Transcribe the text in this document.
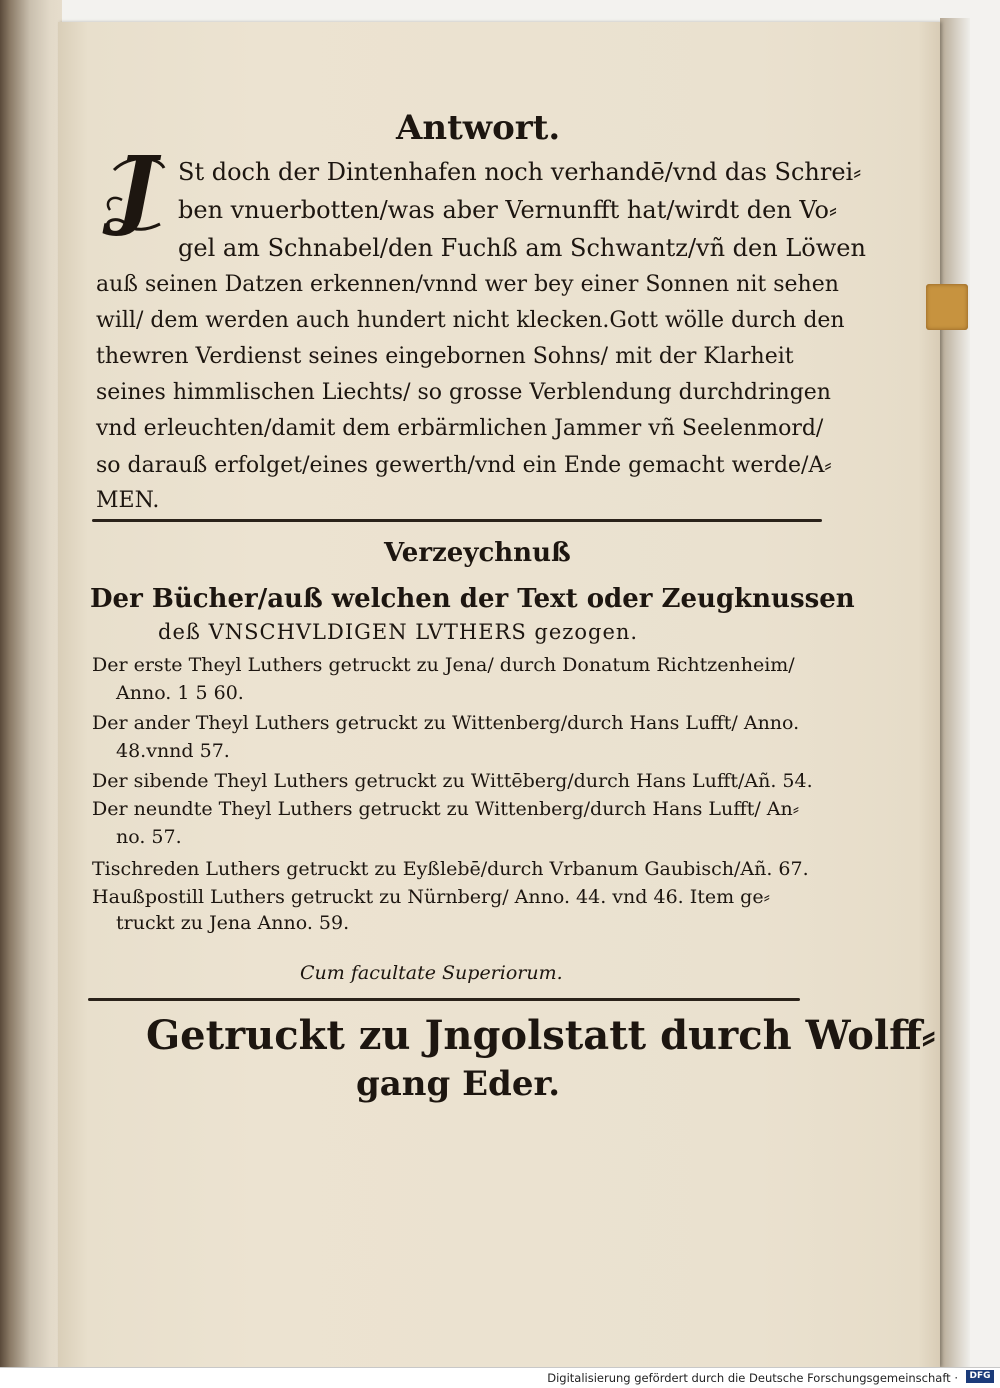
Antwort.
J St doch der Dintenhafen noch verhandē/vnd das Schrei⸗
ben vnuerbotten/was aber Vernunfft hat/wirdt den Vo⸗
gel am Schnabel/den Fuchß am Schwantz/vñ den Löwen
auß seinen Datzen erkennen/vnnd wer bey einer Sonnen nit sehen
will/ dem werden auch hundert nicht klecken.Gott wölle durch den
thewren Verdienst seines eingebornen Sohns/ mit der Klarheit
seines himmlischen Liechts/ so grosse Verblendung durchdringen
vnd erleuchten/damit dem erbärmlichen Jammer vñ Seelenmord/
so darauß erfolget/eines gewerth/vnd ein Ende gemacht werde/A⸗
MEN.
Verzeychnuß
Der Bücher/auß welchen der Text oder Zeugknussen
deß VNSCHVLDIGEN LVTHERS gezogen.
Der erste Theyl Luthers getruckt zu Jena/ durch Donatum Richtzenheim/
Anno. 1 5 60.
Der ander Theyl Luthers getruckt zu Wittenberg/durch Hans Lufft/ Anno.
48.vnnd 57.
Der sibende Theyl Luthers getruckt zu Wittēberg/durch Hans Lufft/Añ. 54.
Der neundte Theyl Luthers getruckt zu Wittenberg/durch Hans Lufft/ An⸗
no. 57.
Tischreden Luthers getruckt zu Eyßlebē/durch Vrbanum Gaubisch/Añ. 67.
Haußpostill Luthers getruckt zu Nürnberg/ Anno. 44. vnd 46. Item ge⸗
truckt zu Jena Anno. 59.
Cum facultate Superiorum.
Getruckt zu Jngolstatt durch Wolff⸗
gang Eder.
Digitalisierung gefördert durch die Deutsche Forschungsgemeinschaft ·	DFG
